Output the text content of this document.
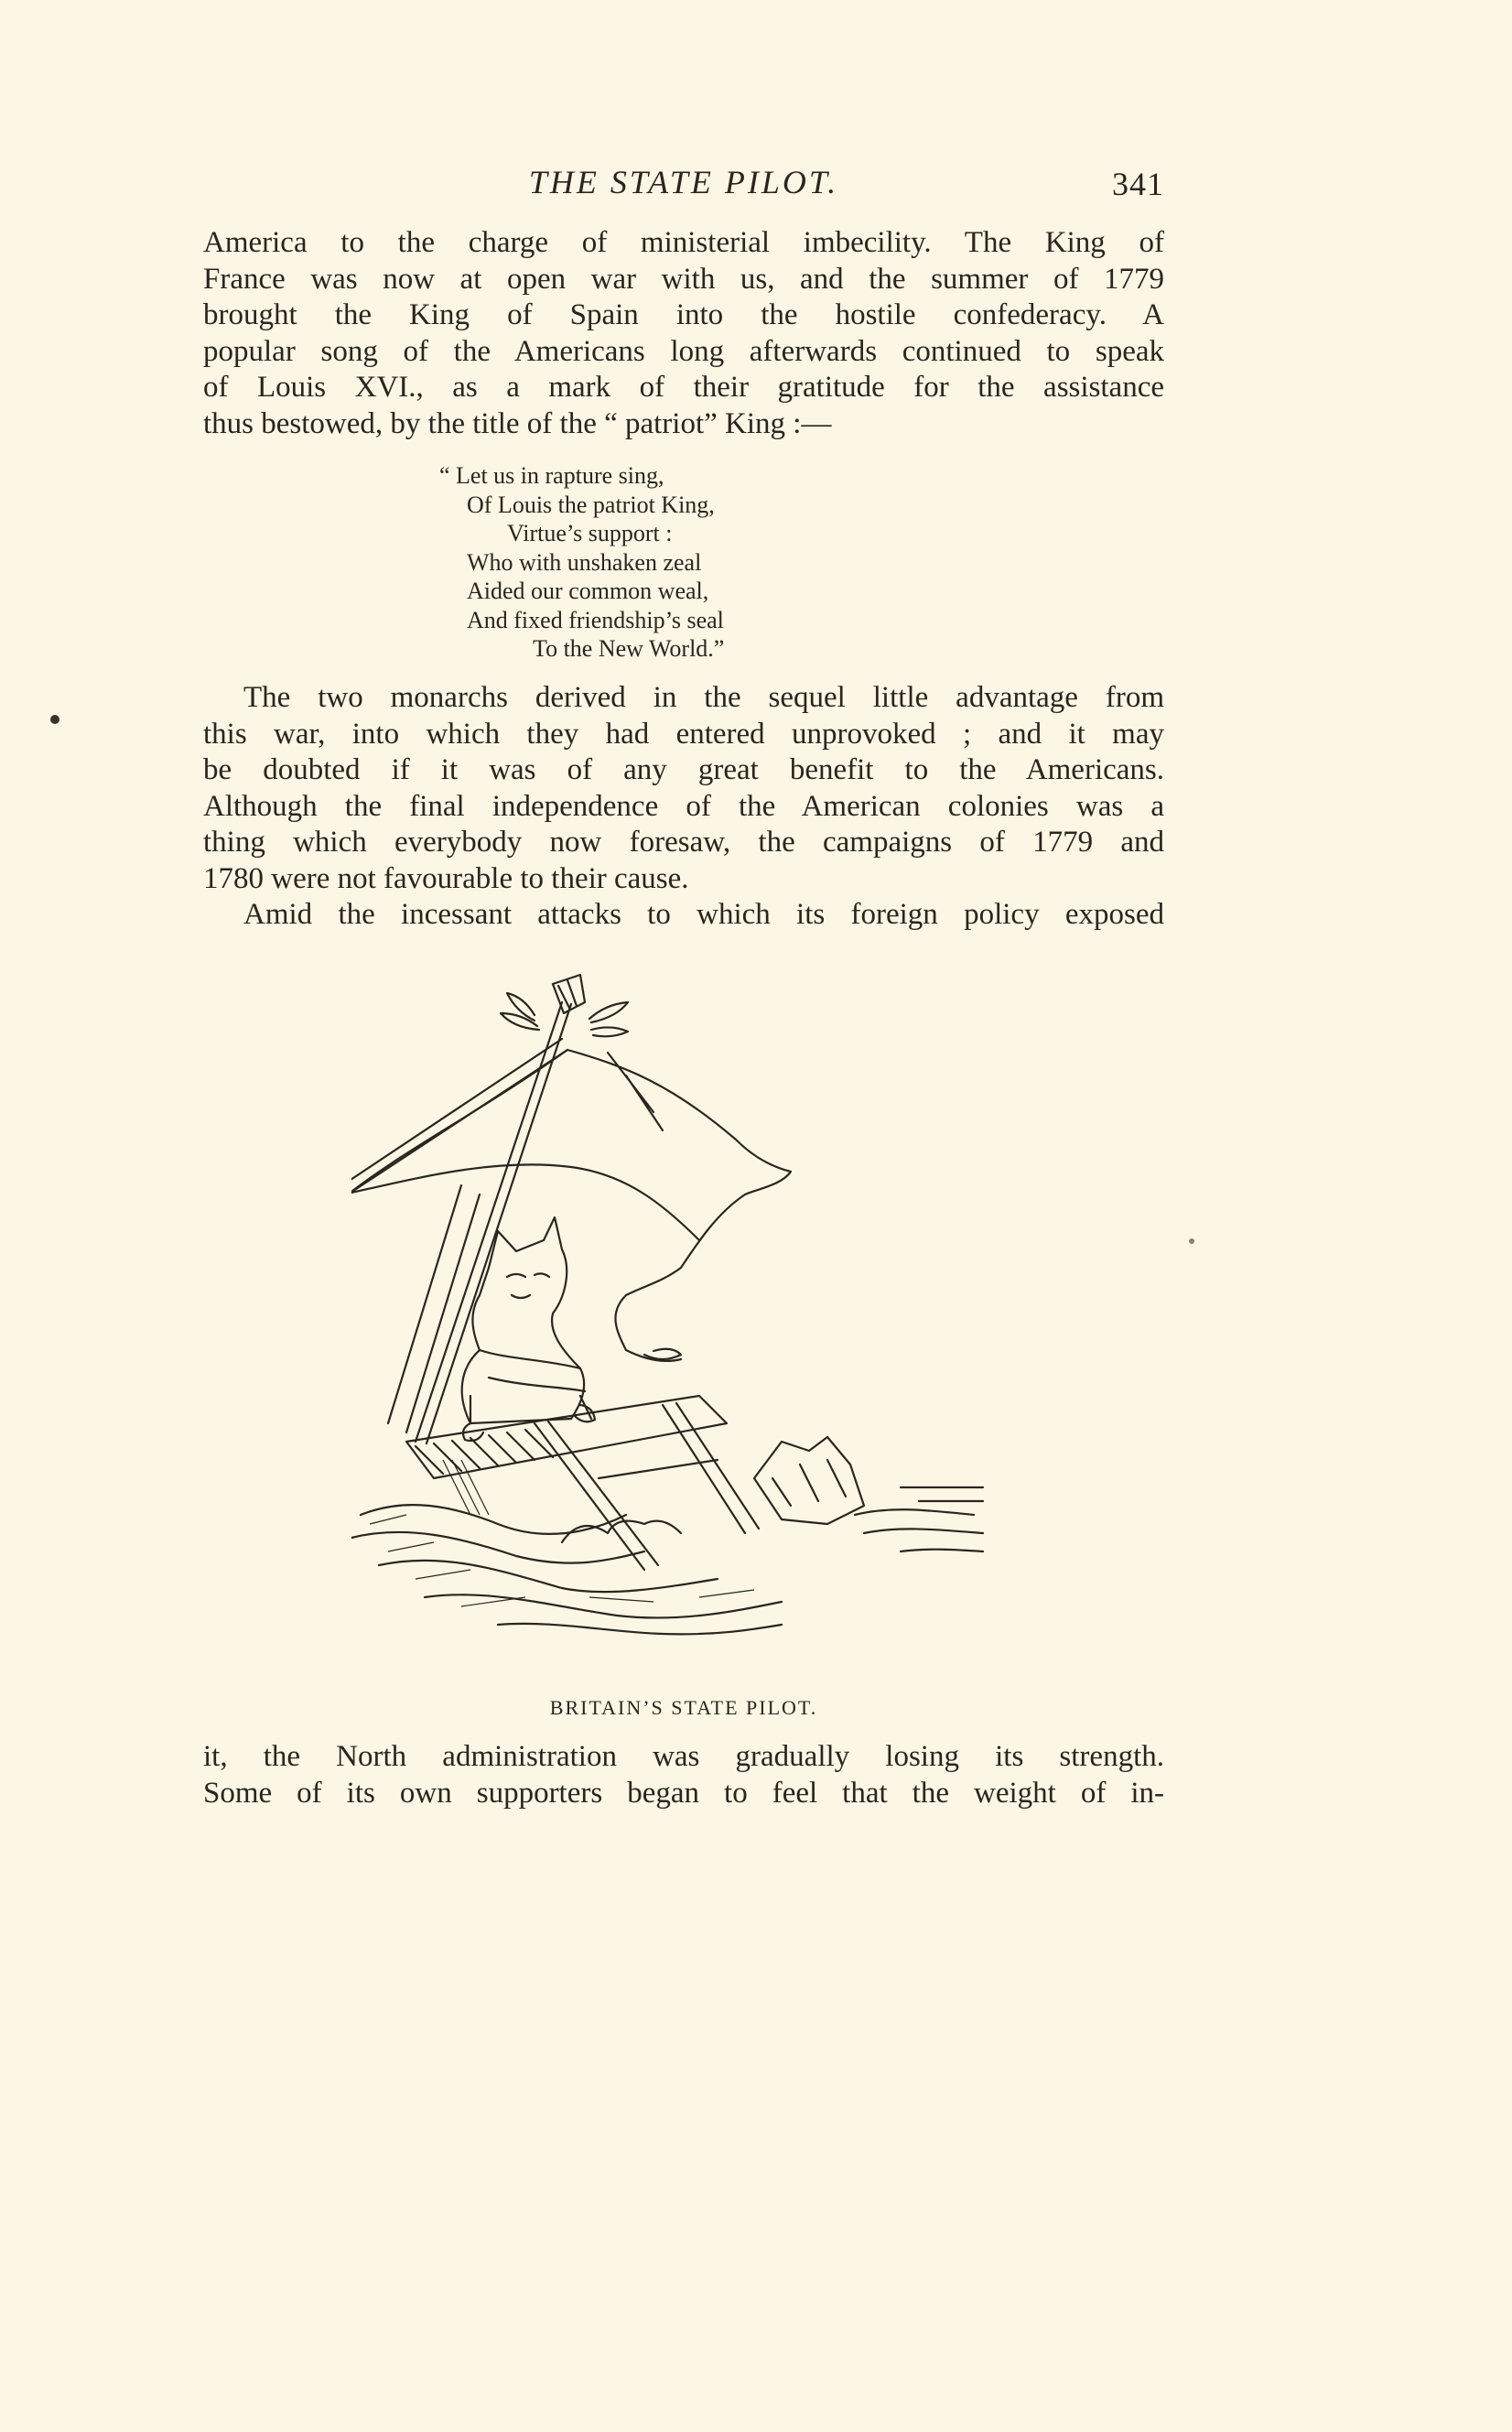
THE STATE PILOT.	341
America to the charge of ministerial imbecility. The King of
France was now at open war with us, and the summer of 1779
brought the King of Spain into the hostile confederacy. A
popular song of the Americans long afterwards continued to speak
of Louis XVI., as a mark of their gratitude for the assistance
thus bestowed, by the title of the “ patriot” King :—
“ Let us in rapture sing,
Of Louis the patriot King,
Virtue’s support :
Who with unshaken zeal
Aided our common weal,
And fixed friendship’s seal
To the New World.”
The two monarchs derived in the sequel little advantage from
this war, into which they had entered unprovoked ; and it may
be doubted if it was of any great benefit to the Americans.
Although the final independence of the American colonies was a
thing which everybody now foresaw, the campaigns of 1779 and
1780 were not favourable to their cause.
Amid the incessant attacks to which its foreign policy exposed
BRITAIN’S STATE PILOT.
it, the North administration was gradually losing its strength.
Some of its own supporters began to feel that the weight of in-
